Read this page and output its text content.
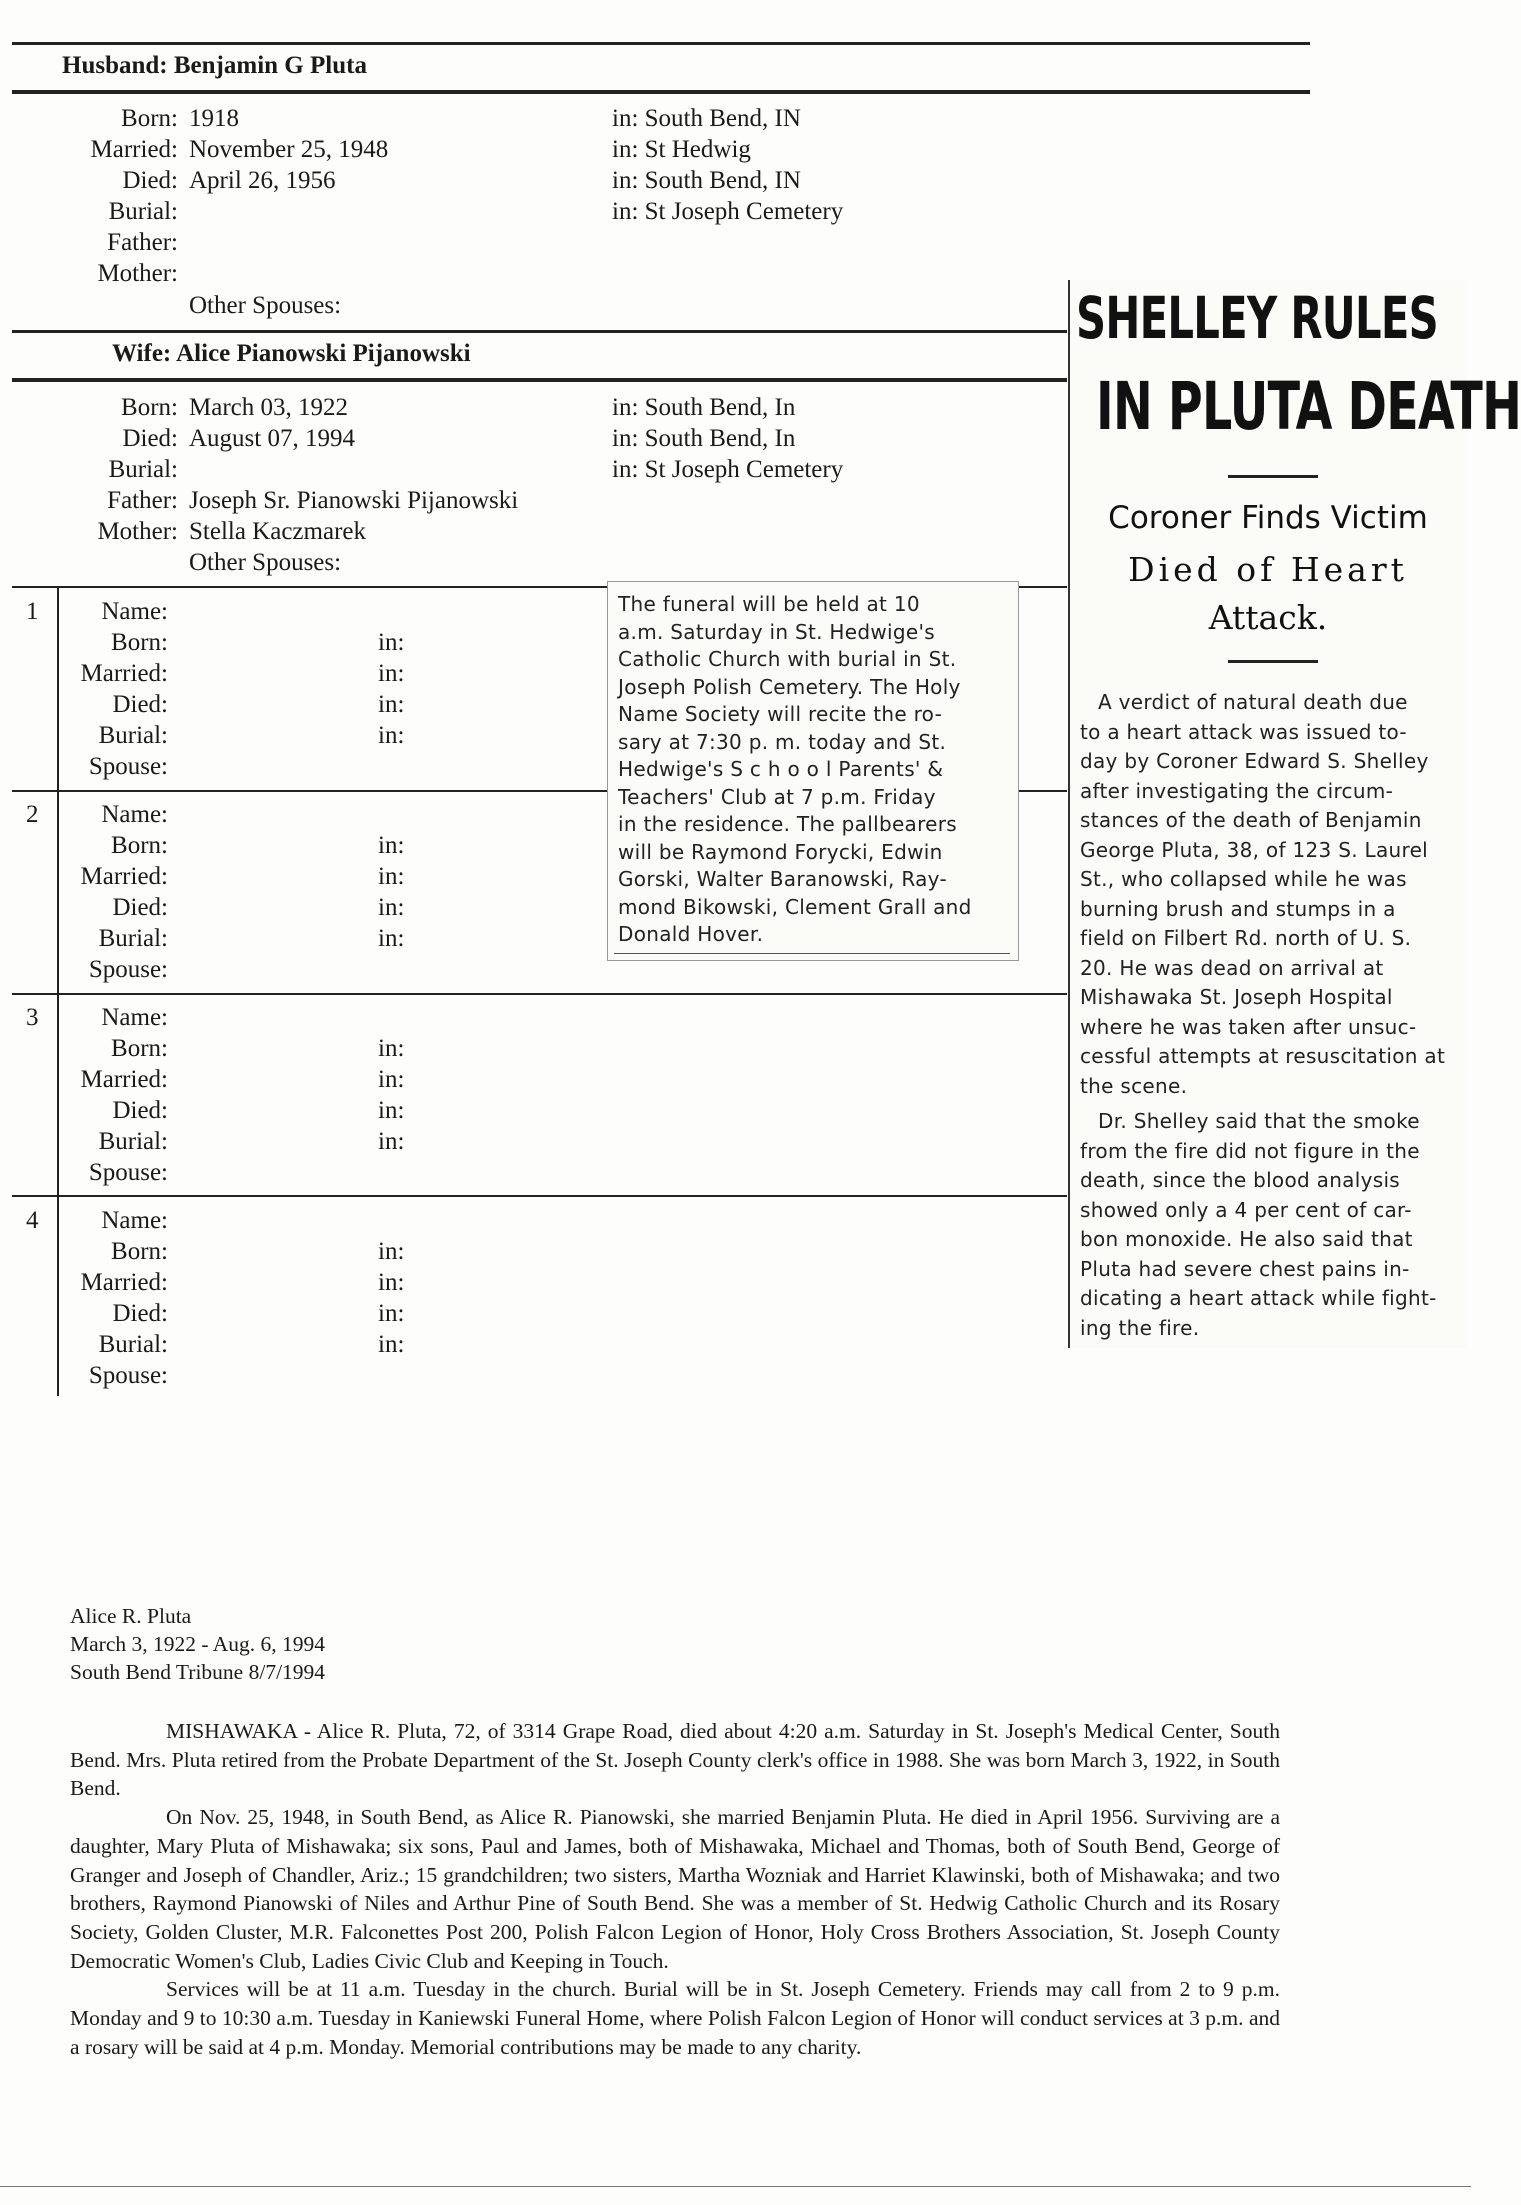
Husband: Benjamin G Pluta
Born: 1918	in: South Bend, IN
Married: November 25, 1948	in: St Hedwig
Died: April 26, 1956	in: South Bend, IN
Burial:	in: St Joseph Cemetery
Father:
Mother:
Other Spouses:
Wife: Alice Pianowski Pijanowski
Born: March 03, 1922	in: South Bend, In
Died: August 07, 1994	in: South Bend, In
Burial:	in: St Joseph Cemetery
Father: Joseph Sr. Pianowski Pijanowski
Mother: Stella Kaczmarek
Other Spouses:
1	Name:
Born:	in:
Married:	in:
Died:	in:
Burial:	in:
Spouse:
2	Name:
Born:	in:
Married:	in:
Died:	in:
Burial:	in:
Spouse:
3	Name:
Born:	in:
Married:	in:
Died:	in:
Burial:	in:
Spouse:
4	Name:
Born:	in:
Married:	in:
Died:	in:
Burial:	in:
Spouse:
The funeral will be held at 10
a.m. Saturday in St. Hedwige's
Catholic Church with burial in St.
Joseph Polish Cemetery. The Holy
Name Society will recite the ro-
sary at 7:30 p. m. today and St.
Hedwige's S c h o o l Parents' &
Teachers' Club at 7 p.m. Friday
in the residence. The pallbearers
will be Raymond Forycki, Edwin
Gorski, Walter Baranowski, Ray-
mond Bikowski, Clement Grall and
Donald Hover.
SHELLEY RULES
IN PLUTA DEATH
Coroner Finds Victim
Died of Heart
Attack.
A verdict of natural death due
to a heart attack was issued to-
day by Coroner Edward S. Shelley
after investigating the circum-
stances of the death of Benjamin
George Pluta, 38, of 123 S. Laurel
St., who collapsed while he was
burning brush and stumps in a
field on Filbert Rd. north of U. S.
20. He was dead on arrival at
Mishawaka St. Joseph Hospital
where he was taken after unsuc-
cessful attempts at resuscitation at
the scene.
Dr. Shelley said that the smoke
from the fire did not figure in the
death, since the blood analysis
showed only a 4 per cent of car-
bon monoxide. He also said that
Pluta had severe chest pains in-
dicating a heart attack while fight-
ing the fire.
Alice R. Pluta
March 3, 1922 - Aug. 6, 1994
South Bend Tribune 8/7/1994

MISHAWAKA - Alice R. Pluta, 72, of 3314 Grape Road, died about 4:20 a.m. Saturday in St. Joseph's Medical Center, South Bend. Mrs. Pluta retired from the Probate Department of the St. Joseph County clerk's office in 1988. She was born March 3, 1922, in South Bend.

On Nov. 25, 1948, in South Bend, as Alice R. Pianowski, she married Benjamin Pluta. He died in April 1956. Surviving are a daughter, Mary Pluta of Mishawaka; six sons, Paul and James, both of Mishawaka, Michael and Thomas, both of South Bend, George of Granger and Joseph of Chandler, Ariz.; 15 grandchildren; two sisters, Martha Wozniak and Harriet Klawinski, both of Mishawaka; and two brothers, Raymond Pianowski of Niles and Arthur Pine of South Bend. She was a member of St. Hedwig Catholic Church and its Rosary Society, Golden Cluster, M.R. Falconettes Post 200, Polish Falcon Legion of Honor, Holy Cross Brothers Association, St. Joseph County Democratic Women's Club, Ladies Civic Club and Keeping in Touch.

Services will be at 11 a.m. Tuesday in the church. Burial will be in St. Joseph Cemetery. Friends may call from 2 to 9 p.m. Monday and 9 to 10:30 a.m. Tuesday in Kaniewski Funeral Home, where Polish Falcon Legion of Honor will conduct services at 3 p.m. and a rosary will be said at 4 p.m. Monday. Memorial contributions may be made to any charity.
